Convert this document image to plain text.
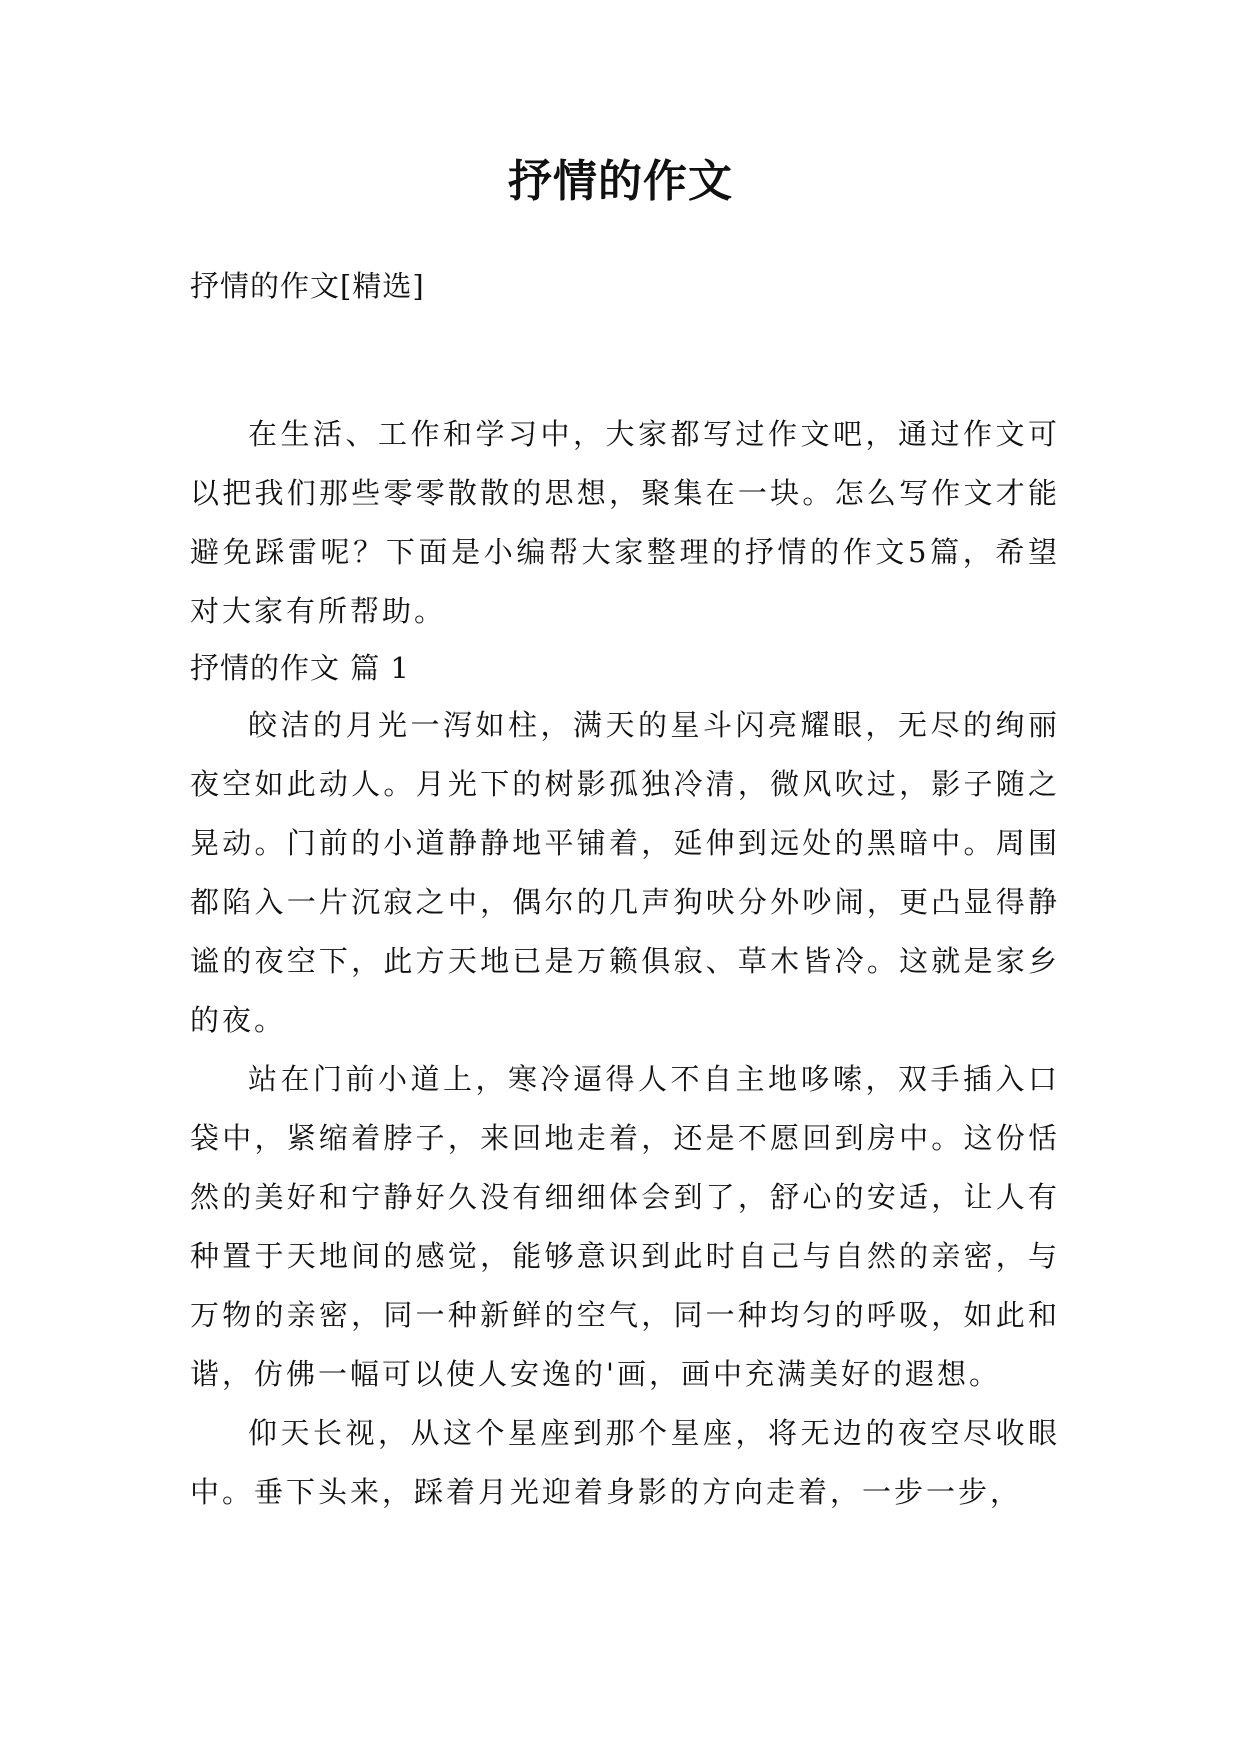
抒情的作文
抒情的作文[精选]

在生活、工作和学习中，大家都写过作文吧，通过作文可以把我们那些零零散散的思想，聚集在一块。怎么写作文才能避免踩雷呢？下面是小编帮大家整理的抒情的作文5篇，希望对大家有所帮助。

抒情的作文 篇 1

皎洁的月光一泻如柱，满天的星斗闪亮耀眼，无尽的绚丽夜空如此动人。月光下的树影孤独冷清，微风吹过，影子随之晃动。门前的小道静静地平铺着，延伸到远处的黑暗中。周围都陷入一片沉寂之中，偶尔的几声狗吠分外吵闹，更凸显得静谧的夜空下，此方天地已是万籁俱寂、草木皆冷。这就是家乡的夜。

站在门前小道上，寒冷逼得人不自主地哆嗦，双手插入口袋中，紧缩着脖子，来回地走着，还是不愿回到房中。这份恬然的美好和宁静好久没有细细体会到了，舒心的安适，让人有种置于天地间的感觉，能够意识到此时自己与自然的亲密，与万物的亲密，同一种新鲜的空气，同一种均匀的呼吸，如此和谐，仿佛一幅可以使人安逸的'画，画中充满美好的遐想。

仰天长视，从这个星座到那个星座，将无边的夜空尽收眼中。垂下头来，踩着月光迎着身影的方向走着，一步一步，
